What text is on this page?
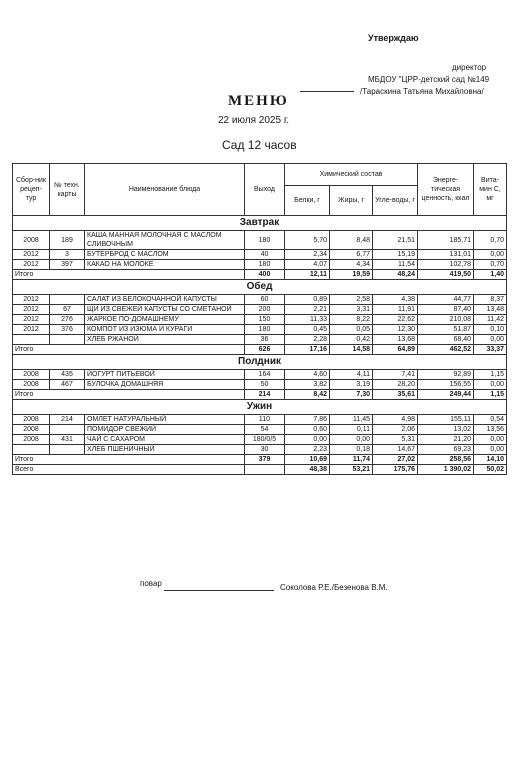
Утверждаю
директор
МБДОУ "ЦРР-детский сад №149
/Тараскина Татьяна Михайловна/
МЕНЮ
22 июля 2025 г.
Сад 12 часов
Сбор-ник рецеп-тур	№ техн. карты	Наименование блюда	Выход	Химический состав			Энерге-тическая ценность, ккал	Вита-мин С, мг
				Белки, г	Жиры, г	Угле-воды, г		
Завтрак								
2008	189	КАША МАННАЯ МОЛОЧНАЯ С МАСЛОМ СЛИВОЧНЫМ	180	5,70	8,48	21,51	185,71	0,70
2012	3	БУТЕРБРОД С МАСЛОМ	40	2,34	6,77	15,19	131,01	0,00
2012	397	КАКАО НА МОЛОКЕ	180	4,07	4,34	11,54	102,78	0,70
Итого			400	12,11	19,59	48,24	419,50	1,40
Обед								
2012		САЛАТ ИЗ БЕЛОКОЧАННОЙ КАПУСТЫ	60	0,89	2,58	4,38	44,77	8,37
2012	67	ЩИ ИЗ СВЕЖЕЙ КАПУСТЫ СО СМЕТАНОЙ	200	2,21	3,31	11,91	87,40	13,48
2012	276	ЖАРКОЕ ПО-ДОМАШНЕМУ	150	11,33	8,22	22,62	210,08	11,42
2012	376	КОМПОТ ИЗ ИЗЮМА И КУРАГИ	180	0,45	0,05	12,30	51,87	0,10
		ХЛЕБ РЖАНОЙ	36	2,28	0,42	13,68	68,40	0,00
Итого			626	17,16	14,58	64,89	462,52	33,37
Полдник								
2008	435	ЙОГУРТ ПИТЬЕВОЙ	164	4,60	4,11	7,41	92,89	1,15
2008	467	БУЛОЧКА ДОМАШНЯЯ	50	3,82	3,19	28,20	156,55	0,00
Итого			214	8,42	7,30	35,61	249,44	1,15
Ужин								
2008	214	ОМЛЕТ НАТУРАЛЬНЫЙ	110	7,86	11,45	4,98	155,11	0,54
2008		ПОМИДОР СВЕЖИЙ	54	0,60	0,11	2,06	13,02	13,56
2008	431	ЧАЙ С САХАРОМ	180/0/5	0,00	0,00	5,31	21,20	0,00
		ХЛЕБ ПШЕНИЧНЫЙ	30	2,23	0,18	14,67	69,23	0,00
Итого			379	10,69	11,74	27,02	258,56	14,10
Всего				48,38	53,21	175,76	1 390,02	50,02
повар	Соколова Р.Е./Безенова В.М.
